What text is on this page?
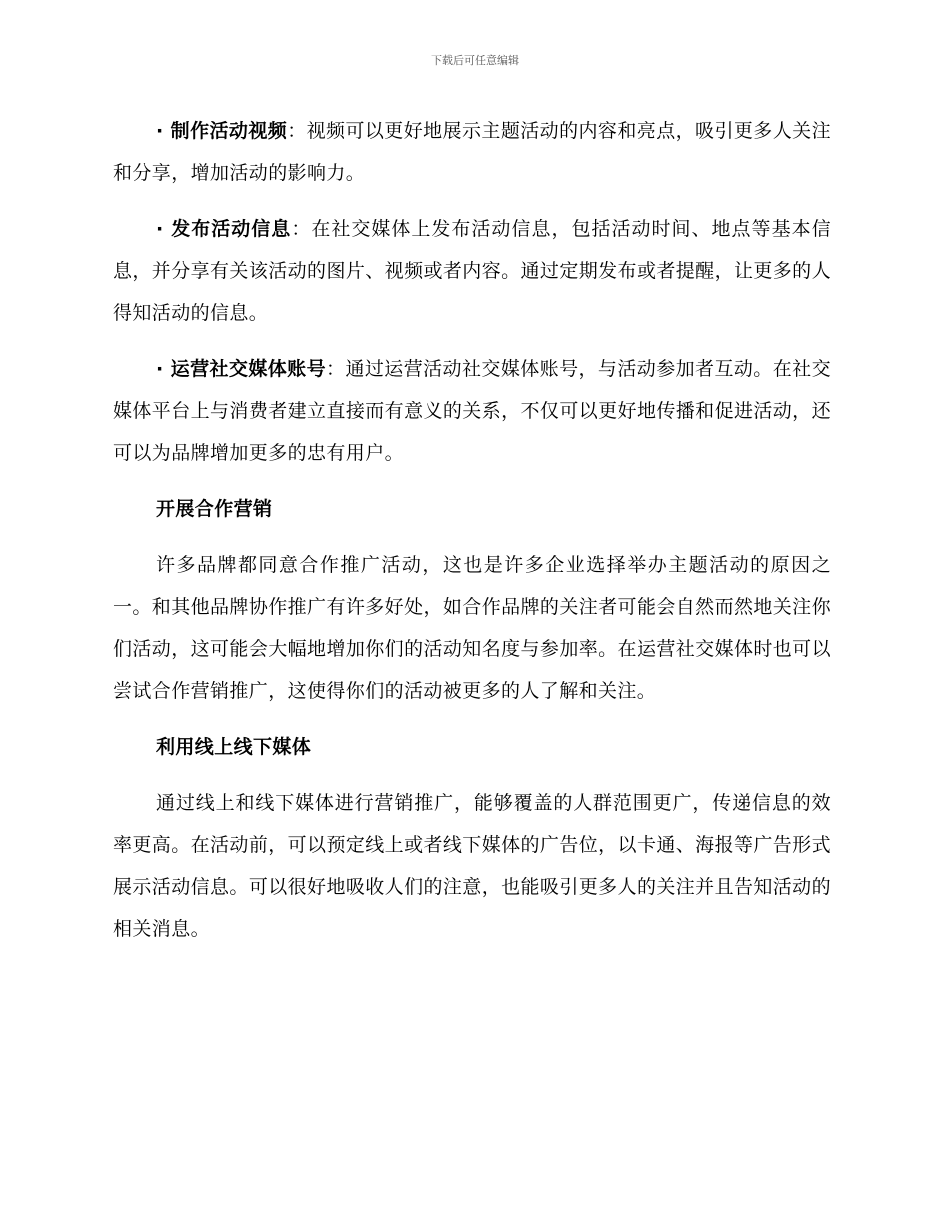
下载后可任意编辑

· 制作活动视频：视频可以更好地展示主题活动的内容和亮点，吸引更多人关注和分享，增加活动的影响力。

· 发布活动信息：在社交媒体上发布活动信息，包括活动时间、地点等基本信息，并分享有关该活动的图片、视频或者内容。通过定期发布或者提醒，让更多的人得知活动的信息。

· 运营社交媒体账号：通过运营活动社交媒体账号，与活动参加者互动。在社交媒体平台上与消费者建立直接而有意义的关系，不仅可以更好地传播和促进活动，还可以为品牌增加更多的忠有用户。

开展合作营销

许多品牌都同意合作推广活动，这也是许多企业选择举办主题活动的原因之一。和其他品牌协作推广有许多好处，如合作品牌的关注者可能会自然而然地关注你们活动，这可能会大幅地增加你们的活动知名度与参加率。在运营社交媒体时也可以尝试合作营销推广，这使得你们的活动被更多的人了解和关注。

利用线上线下媒体

通过线上和线下媒体进行营销推广，能够覆盖的人群范围更广，传递信息的效率更高。在活动前，可以预定线上或者线下媒体的广告位，以卡通、海报等广告形式展示活动信息。可以很好地吸收人们的注意，也能吸引更多人的关注并且告知活动的相关消息。
